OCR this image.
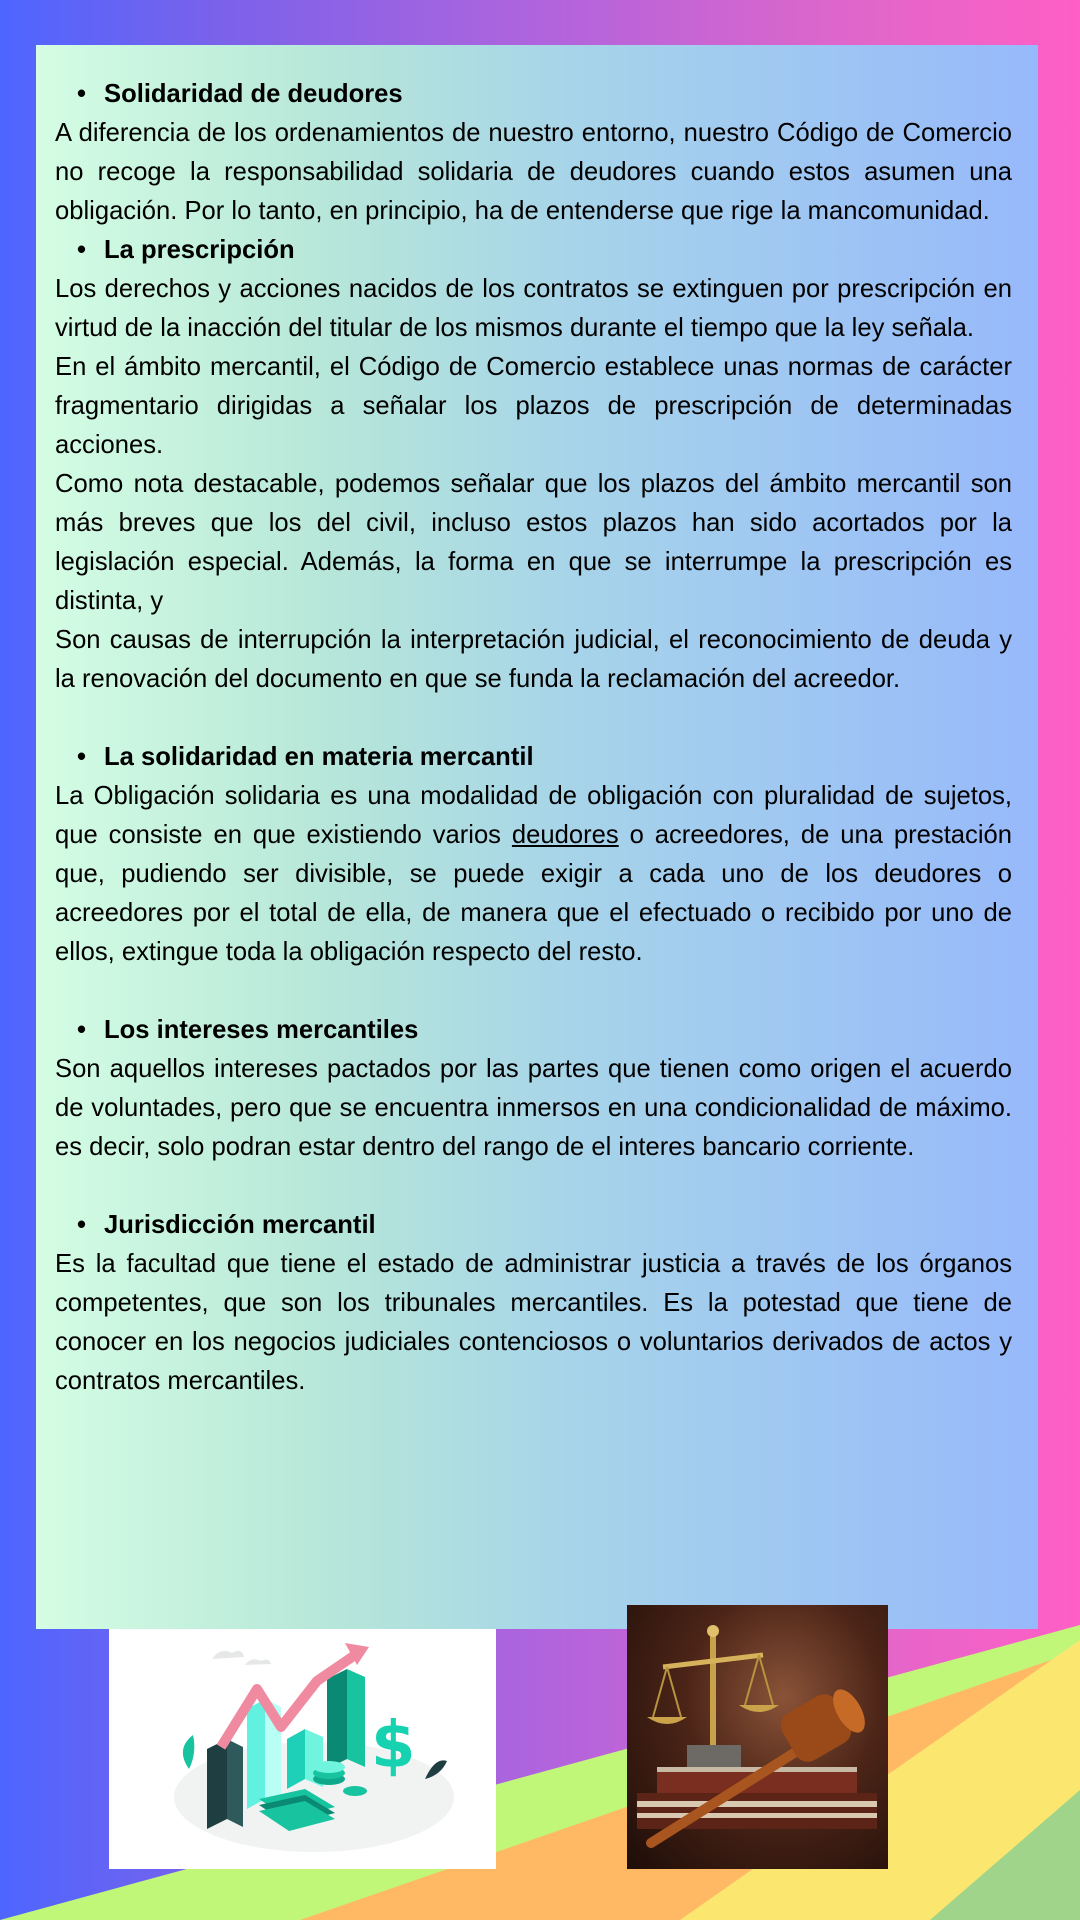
• Solidaridad de deudores

A diferencia de los ordenamientos de nuestro entorno, nuestro Código de Comercio no recoge la responsabilidad solidaria de deudores cuando estos asumen una obligación. Por lo tanto, en principio, ha de entenderse que rige la mancomunidad.

• La prescripción

Los derechos y acciones nacidos de los contratos se extinguen por prescripción en virtud de la inacción del titular de los mismos durante el tiempo que la ley señala.

En el ámbito mercantil, el Código de Comercio establece unas normas de carácter fragmentario dirigidas a señalar los plazos de prescripción de determinadas acciones.

Como nota destacable, podemos señalar que los plazos del ámbito mercantil son más breves que los del civil, incluso estos plazos han sido acortados por la legislación especial. Además, la forma en que se interrumpe la prescripción es distinta, y

Son causas de interrupción la interpretación judicial, el reconocimiento de deuda y la renovación del documento en que se funda la reclamación del acreedor.

• La solidaridad en materia mercantil

La Obligación solidaria es una modalidad de obligación con pluralidad de sujetos, que consiste en que existiendo varios deudores o acreedores, de una prestación que, pudiendo ser divisible, se puede exigir a cada uno de los deudores o acreedores por el total de ella, de manera que el efectuado o recibido por uno de ellos, extingue toda la obligación respecto del resto.

• Los intereses mercantiles

Son aquellos intereses pactados por las partes que tienen como origen el acuerdo de voluntades, pero que se encuentra inmersos en una condicionalidad de máximo. es decir, solo podran estar dentro del rango de el interes bancario corriente.

• Jurisdicción mercantil

Es la facultad que tiene el estado de administrar justicia a través de los órganos competentes, que son los tribunales mercantiles. Es la potestad que tiene de conocer en los negocios judiciales contenciosos o voluntarios derivados de actos y contratos mercantiles.

$
